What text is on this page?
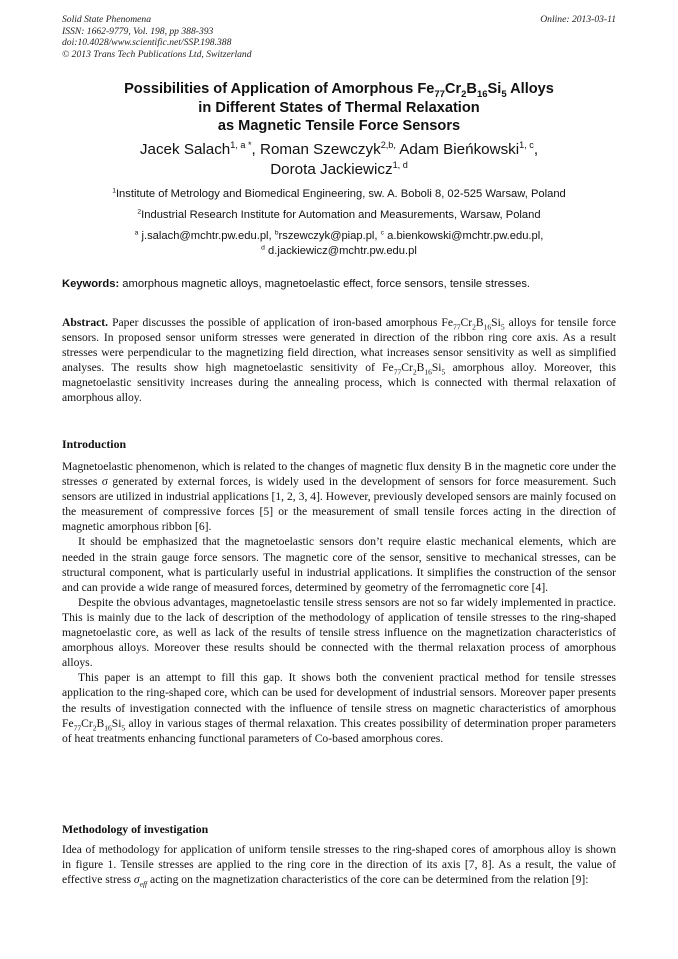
Solid State Phenomena
ISSN: 1662-9779, Vol. 198, pp 388-393
doi:10.4028/www.scientific.net/SSP.198.388
© 2013 Trans Tech Publications Ltd, Switzerland
Online: 2013-03-11
Possibilities of Application of Amorphous $Fe_{77}Cr_2B_{16}Si_5$ Alloys
in Different States of Thermal Relaxation
as Magnetic Tensile Force Sensors
Jacek Salach$^{1, a *}$, Roman Szewczyk$^{2,b,}$ Adam Bieńkowski$^{1, c}$,
Dorota Jackiewicz$^{1, d}$
$^1$Institute of Metrology and Biomedical Engineering, sw. A. Boboli 8, 02-525 Warsaw, Poland
$^2$Industrial Research Institute for Automation and Measurements, Warsaw, Poland
$^a$ j.salach@mchtr.pw.edu.pl, $^b$rszewczyk@piap.pl, $^c$ a.bienkowski@mchtr.pw.edu.pl,
$^d$ d.jackiewicz@mchtr.pw.edu.pl
Keywords: amorphous magnetic alloys, magnetoelastic effect, force sensors, tensile stresses.

Abstract. Paper discusses the possible of application of iron-based amorphous $Fe_{77}Cr_2B_{16}Si_5$ alloys for tensile force sensors. In proposed sensor uniform stresses were generated in direction of the ribbon ring core axis. As a result stresses were perpendicular to the magnetizing field direction, what increases sensor sensitivity as well as simplified analyses. The results show high magnetoelastic sensitivity of $Fe_{77}Cr_2B_{16}Si_5$ amorphous alloy. Moreover, this magnetoelastic sensitivity increases during the annealing process, which is connected with thermal relaxation of amorphous alloy.

Introduction

Magnetoelastic phenomenon, which is related to the changes of magnetic flux density B in the magnetic core under the stresses σ generated by external forces, is widely used in the development of sensors for force measurement. Such sensors are utilized in industrial applications [1, 2, 3, 4]. However, previously developed sensors are mainly focused on the measurement of compressive forces [5] or the measurement of small tensile forces acting in the direction of magnetic amorphous ribbon [6].

It should be emphasized that the magnetoelastic sensors don’t require elastic mechanical elements, which are needed in the strain gauge force sensors. The magnetic core of the sensor, sensitive to mechanical stresses, can be structural component, what is particularly useful in industrial applications. It simplifies the construction of the sensor and can provide a wide range of measured forces, determined by geometry of the ferromagnetic core [4].

Despite the obvious advantages, magnetoelastic tensile stress sensors are not so far widely implemented in practice. This is mainly due to the lack of description of the methodology of application of tensile stresses to the ring-shaped magnetoelastic core, as well as lack of the results of tensile stress influence on the magnetization characteristics of amorphous alloys. Moreover these results should be connected with the thermal relaxation process of amorphous alloys.

This paper is an attempt to fill this gap. It shows both the convenient practical method for tensile stresses application to the ring-shaped core, which can be used for development of industrial sensors. Moreover paper presents the results of investigation connected with the influence of tensile stress on magnetic characteristics of amorphous $Fe_{77}Cr_2B_{16}Si_5$ alloy in various stages of thermal relaxation. This creates possibility of determination proper parameters of heat treatments enhancing functional parameters of Co-based amorphous cores.

Methodology of investigation

Idea of methodology for application of uniform tensile stresses to the ring-shaped cores of amorphous alloy is shown in figure 1. Tensile stresses are applied to the ring core in the direction of its axis [7, 8]. As a result, the value of effective stress $\sigma_{eff}$ acting on the magnetization characteristics of the core can be determined from the relation [9]:
